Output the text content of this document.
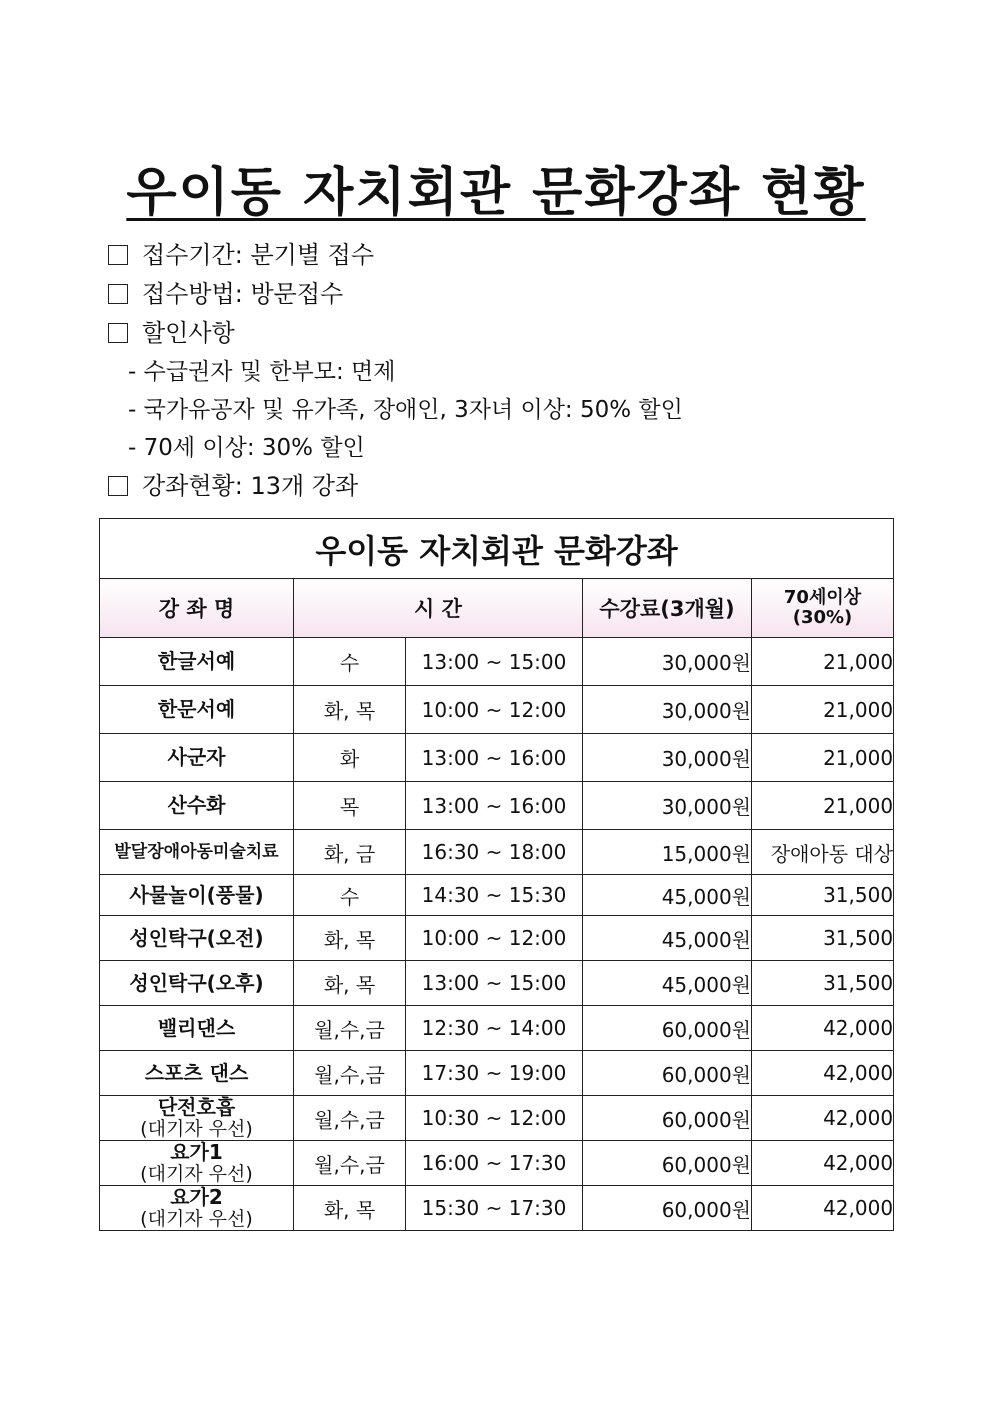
우이동 자치회관 문화강좌 현황
접수기간: 분기별 접수
접수방법: 방문접수
할인사항
- 수급권자 및 한부모: 면제
- 국가유공자 및 유가족, 장애인, 3자녀 이상: 50% 할인
- 70세 이상: 30% 할인
강좌현황: 13개 강좌
우이동 자치회관 문화강좌				
강 좌 명	시 간		수강료(3개월)	70세이상
(30%)
한글서예	수	13:00 ~ 15:00	30,000원	21,000
한문서예	화, 목	10:00 ~ 12:00	30,000원	21,000
사군자	화	13:00 ~ 16:00	30,000원	21,000
산수화	목	13:00 ~ 16:00	30,000원	21,000
발달장애아동미술치료	화, 금	16:30 ~ 18:00	15,000원	장애아동 대상
사물놀이(풍물)	수	14:30 ~ 15:30	45,000원	31,500
성인탁구(오전)	화, 목	10:00 ~ 12:00	45,000원	31,500
성인탁구(오후)	화, 목	13:00 ~ 15:00	45,000원	31,500
밸리댄스	월,수,금	12:30 ~ 14:00	60,000원	42,000
스포츠 댄스	월,수,금	17:30 ~ 19:00	60,000원	42,000
단전호흡
(대기자 우선)	월,수,금	10:30 ~ 12:00	60,000원	42,000
요가1
(대기자 우선)	월,수,금	16:00 ~ 17:30	60,000원	42,000
요가2
(대기자 우선)	화, 목	15:30 ~ 17:30	60,000원	42,000
